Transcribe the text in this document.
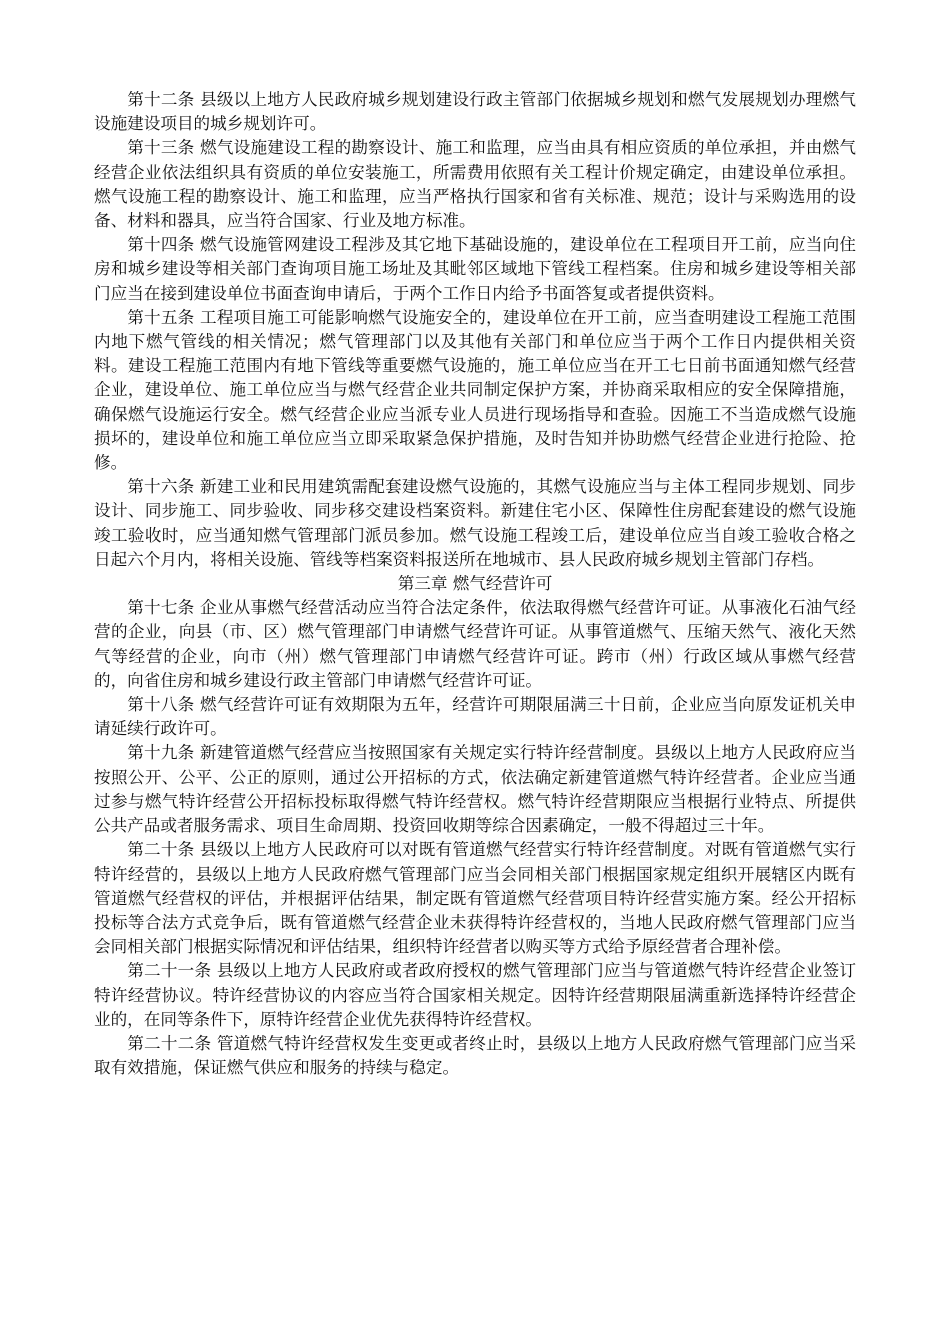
第十二条 县级以上地方人民政府城乡规划建设行政主管部门依据城乡规划和燃气发展规划办理燃气设施建设项目的城乡规划许可。

第十三条 燃气设施建设工程的勘察设计、施工和监理，应当由具有相应资质的单位承担，并由燃气经营企业依法组织具有资质的单位安装施工，所需费用依照有关工程计价规定确定，由建设单位承担。燃气设施工程的勘察设计、施工和监理，应当严格执行国家和省有关标准、规范；设计与采购选用的设备、材料和器具，应当符合国家、行业及地方标准。

第十四条 燃气设施管网建设工程涉及其它地下基础设施的，建设单位在工程项目开工前，应当向住房和城乡建设等相关部门查询项目施工场址及其毗邻区域地下管线工程档案。住房和城乡建设等相关部门应当在接到建设单位书面查询申请后，于两个工作日内给予书面答复或者提供资料。

第十五条 工程项目施工可能影响燃气设施安全的，建设单位在开工前，应当查明建设工程施工范围内地下燃气管线的相关情况；燃气管理部门以及其他有关部门和单位应当于两个工作日内提供相关资料。建设工程施工范围内有地下管线等重要燃气设施的，施工单位应当在开工七日前书面通知燃气经营企业，建设单位、施工单位应当与燃气经营企业共同制定保护方案，并协商采取相应的安全保障措施，确保燃气设施运行安全。燃气经营企业应当派专业人员进行现场指导和查验。因施工不当造成燃气设施损坏的，建设单位和施工单位应当立即采取紧急保护措施，及时告知并协助燃气经营企业进行抢险、抢修。

第十六条 新建工业和民用建筑需配套建设燃气设施的，其燃气设施应当与主体工程同步规划、同步设计、同步施工、同步验收、同步移交建设档案资料。新建住宅小区、保障性住房配套建设的燃气设施竣工验收时，应当通知燃气管理部门派员参加。燃气设施工程竣工后，建设单位应当自竣工验收合格之日起六个月内，将相关设施、管线等档案资料报送所在地城市、县人民政府城乡规划主管部门存档。

第三章 燃气经营许可

第十七条 企业从事燃气经营活动应当符合法定条件，依法取得燃气经营许可证。从事液化石油气经营的企业，向县（市、区）燃气管理部门申请燃气经营许可证。从事管道燃气、压缩天然气、液化天然气等经营的企业，向市（州）燃气管理部门申请燃气经营许可证。跨市（州）行政区域从事燃气经营的，向省住房和城乡建设行政主管部门申请燃气经营许可证。

第十八条 燃气经营许可证有效期限为五年，经营许可期限届满三十日前，企业应当向原发证机关申请延续行政许可。

第十九条 新建管道燃气经营应当按照国家有关规定实行特许经营制度。县级以上地方人民政府应当按照公开、公平、公正的原则，通过公开招标的方式，依法确定新建管道燃气特许经营者。企业应当通过参与燃气特许经营公开招标投标取得燃气特许经营权。燃气特许经营期限应当根据行业特点、所提供公共产品或者服务需求、项目生命周期、投资回收期等综合因素确定，一般不得超过三十年。

第二十条 县级以上地方人民政府可以对既有管道燃气经营实行特许经营制度。对既有管道燃气实行特许经营的，县级以上地方人民政府燃气管理部门应当会同相关部门根据国家规定组织开展辖区内既有管道燃气经营权的评估，并根据评估结果，制定既有管道燃气经营项目特许经营实施方案。经公开招标投标等合法方式竞争后，既有管道燃气经营企业未获得特许经营权的，当地人民政府燃气管理部门应当会同相关部门根据实际情况和评估结果，组织特许经营者以购买等方式给予原经营者合理补偿。

第二十一条 县级以上地方人民政府或者政府授权的燃气管理部门应当与管道燃气特许经营企业签订特许经营协议。特许经营协议的内容应当符合国家相关规定。因特许经营期限届满重新选择特许经营企业的，在同等条件下，原特许经营企业优先获得特许经营权。

第二十二条 管道燃气特许经营权发生变更或者终止时，县级以上地方人民政府燃气管理部门应当采取有效措施，保证燃气供应和服务的持续与稳定。
